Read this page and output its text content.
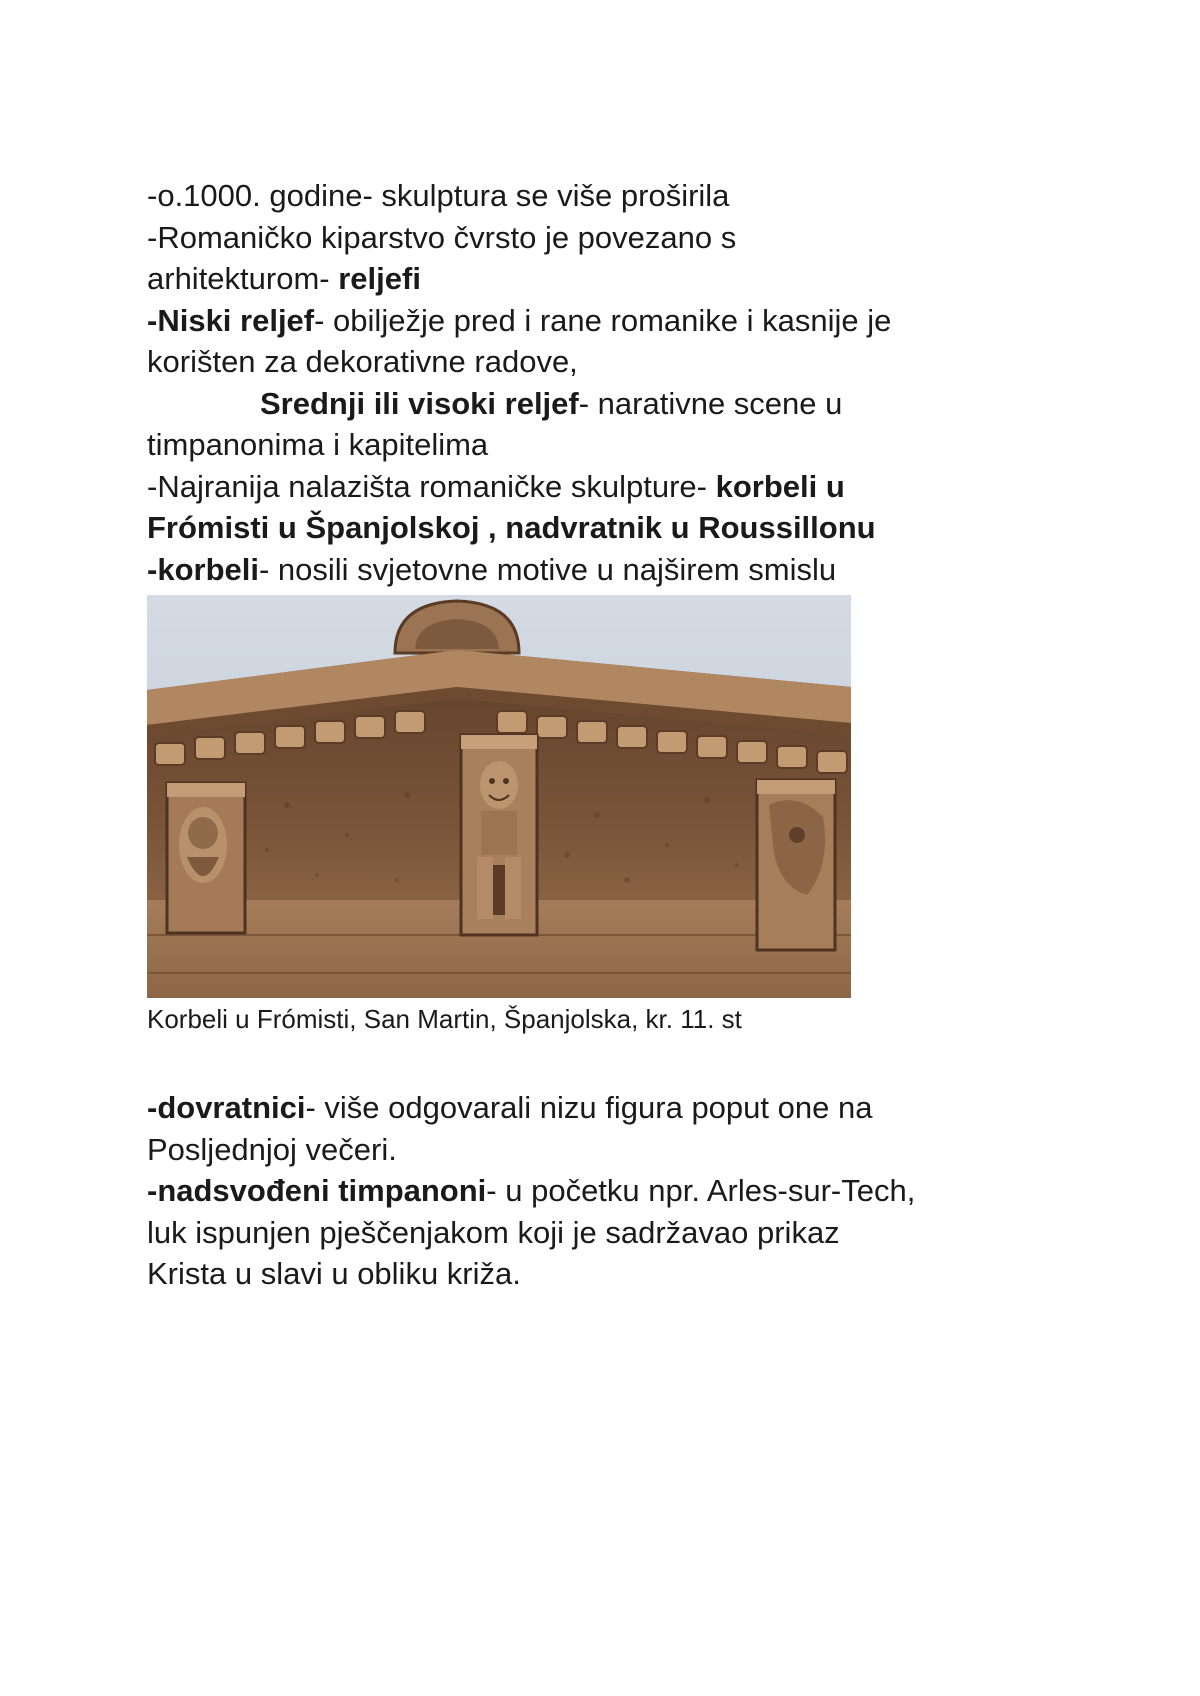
-o.1000. godine- skulptura se više proširila
-Romaničko kiparstvo čvrsto je povezano s
arhitekturom- reljefi
-Niski reljef- obilježje pred i rane romanike i kasnije je
korišten za dekorativne radove,
Srednji ili visoki reljef- narativne scene u
timpanonima i kapitelima
-Najranija nalazišta romaničke skulpture- korbeli u
Frómisti u Španjolskoj , nadvratnik u Roussillonu
-korbeli- nosili svjetovne motive u najširem smislu
Korbeli u Frómisti, San Martin, Španjolska, kr. 11. st
-dovratnici- više odgovarali nizu figura poput one na
Posljednjoj večeri.
-nadsvođeni timpanoni- u početku npr. Arles-sur-Tech,
luk ispunjen pješčenjakom koji je sadržavao prikaz
Krista u slavi u obliku križa.
